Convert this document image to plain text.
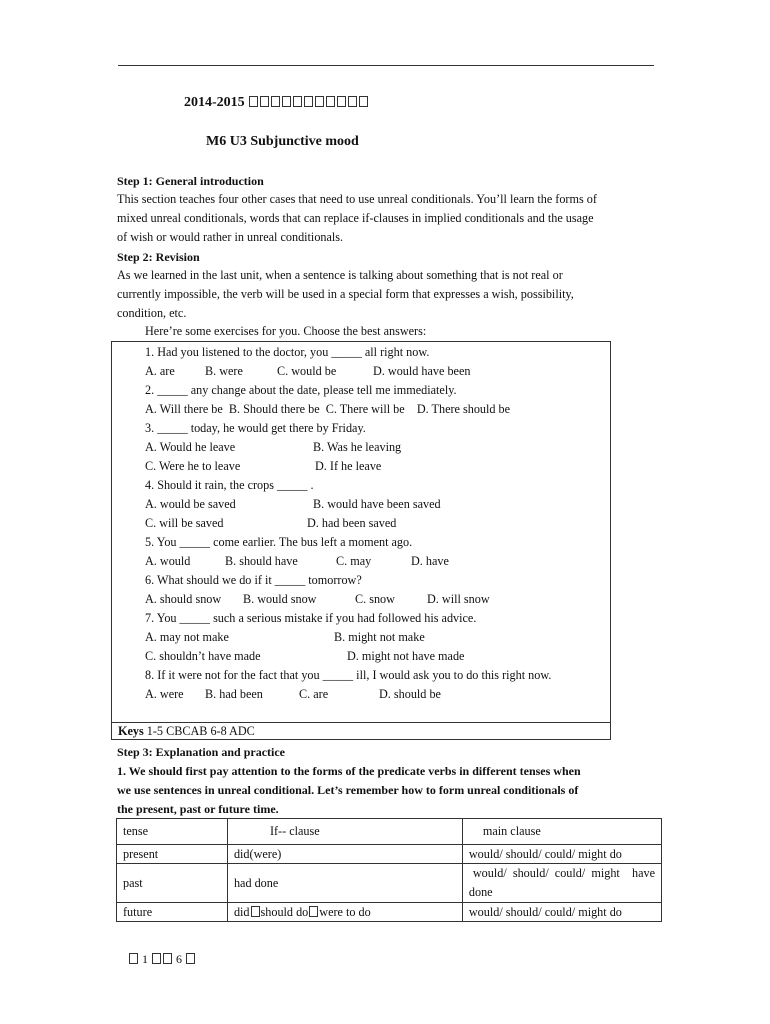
2014-2015
M6 U3 Subjunctive mood
Step 1: General introduction

This section teaches four other cases that need to use unreal conditionals. You’ll learn the forms of

mixed unreal conditionals, words that can replace if-clauses in implied conditionals and the usage

of wish or would rather in unreal conditionals.

Step 2: Revision

As we learned in the last unit, when a sentence is talking about something that is not real or

currently impossible, the verb will be used in a special form that expresses a wish, possibility,

condition, etc.

Here’re some exercises for you. Choose the best answers:
1. Had you listened to the doctor, you _____ all right now.
A. are B. were	C. would be	D. would have been
2. _____ any change about the date, please tell me immediately.
A. Will there be  B. Should there be  C. There will be    D. There should be
3. _____ today, he would get there by Friday.
A. Would he leave	B. Was he leaving
C. Were he to leave	D. If he leave
4. Should it rain, the crops _____ .
A. would be saved	B. would have been saved
C. will be saved	D. had been saved
5. You _____ come earlier. The bus left a moment ago.
A. would	B. should have	C. may	D. have
6. What should we do if it _____ tomorrow?
A. should snow B. would snow	C. snow	D. will snow
7. You _____ such a serious mistake if you had followed his advice.
A. may not make	B. might not make
C. shouldn’t have made	D. might not have made
8. If it were not for the fact that you _____ ill, I would ask you to do this right now.
A. were B. had been	C. are	D. should be
Keys 1-5 CBCAB 6-8 ADC
Step 3: Explanation and practice
1. We should first pay attention to the forms of the predicate verbs in different tenses when
we use sentences in unreal conditional. Let’s remember how to form unreal conditionals of
the present, past or future time.
tense	If-- clause	main clause
present	did(were)	would/ should/ could/ might do
past	had done	would/  should/  could/  might    have
done

future	did should do were to do	would/ should/ could/ might do
1 6
